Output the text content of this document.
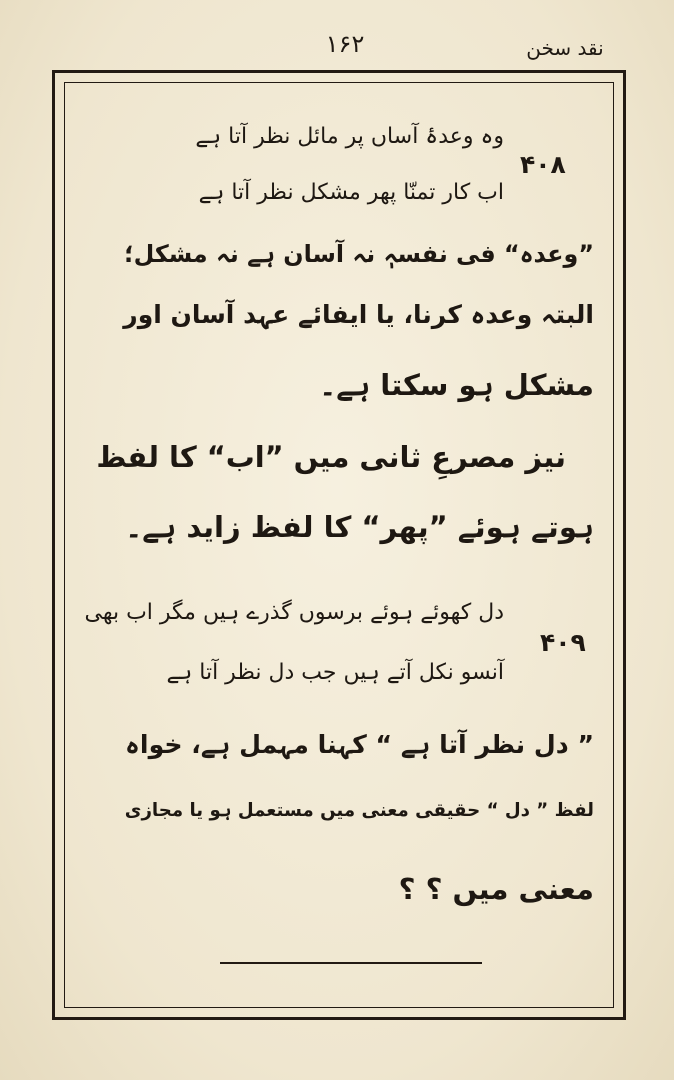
۱۶۲	نقد سخن
۴۰۸
وہ وعدۂ آساں پر مائل نظر آتا ہے
اب کار تمنّا پھر مشکل نظر آتا ہے
”وعدہ“ فی نفسہٖ نہ آسان ہے نہ مشکل؛
البتہ وعدہ کرنا، یا ایفائے عہد آسان اور
مشکل ہو سکتا ہے۔
نیز مصرعِ ثانی میں ”اب“ کا لفظ
ہوتے ہوئے ”پھر“ کا لفظ زاید ہے۔
۴۰۹
دل کھوئے ہوئے برسوں گذرے ہیں مگر اب بھی
آنسو نکل آتے ہیں جب دل نظر آتا ہے
” دل نظر آتا ہے “ کہنا مہمل ہے، خواہ
لفظ ” دل “ حقیقی معنی میں مستعمل ہو یا مجازی
معنی میں ؟ ؟
